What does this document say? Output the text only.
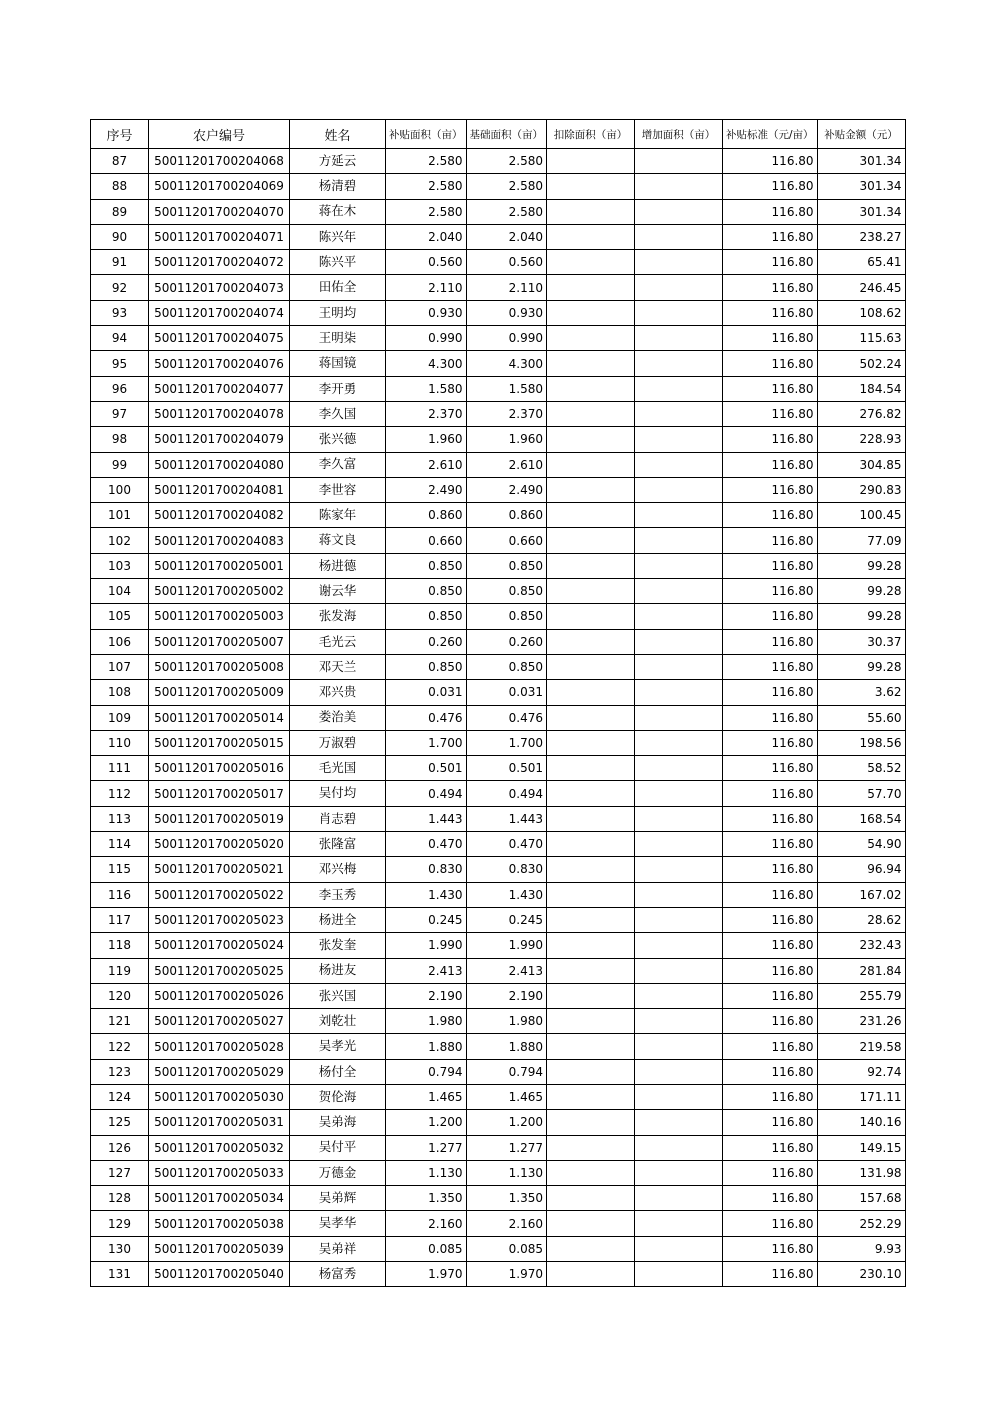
序号	农户编号	姓名	补贴面积（亩）	基础面积（亩）	扣除面积（亩）	增加面积（亩）	补贴标准（元/亩）	补贴金额（元）
87	50011201700204068	方延云	2.580	2.580			116.80	301.34
88	50011201700204069	杨清碧	2.580	2.580			116.80	301.34
89	50011201700204070	蒋在木	2.580	2.580			116.80	301.34
90	50011201700204071	陈兴年	2.040	2.040			116.80	238.27
91	50011201700204072	陈兴平	0.560	0.560			116.80	65.41
92	50011201700204073	田佑全	2.110	2.110			116.80	246.45
93	50011201700204074	王明均	0.930	0.930			116.80	108.62
94	50011201700204075	王明柒	0.990	0.990			116.80	115.63
95	50011201700204076	蒋国镜	4.300	4.300			116.80	502.24
96	50011201700204077	李开勇	1.580	1.580			116.80	184.54
97	50011201700204078	李久国	2.370	2.370			116.80	276.82
98	50011201700204079	张兴德	1.960	1.960			116.80	228.93
99	50011201700204080	李久富	2.610	2.610			116.80	304.85
100	50011201700204081	李世容	2.490	2.490			116.80	290.83
101	50011201700204082	陈家年	0.860	0.860			116.80	100.45
102	50011201700204083	蒋文良	0.660	0.660			116.80	77.09
103	50011201700205001	杨进德	0.850	0.850			116.80	99.28
104	50011201700205002	谢云华	0.850	0.850			116.80	99.28
105	50011201700205003	张发海	0.850	0.850			116.80	99.28
106	50011201700205007	毛光云	0.260	0.260			116.80	30.37
107	50011201700205008	邓天兰	0.850	0.850			116.80	99.28
108	50011201700205009	邓兴贵	0.031	0.031			116.80	3.62
109	50011201700205014	娄治美	0.476	0.476			116.80	55.60
110	50011201700205015	万淑碧	1.700	1.700			116.80	198.56
111	50011201700205016	毛光国	0.501	0.501			116.80	58.52
112	50011201700205017	吴付均	0.494	0.494			116.80	57.70
113	50011201700205019	肖志碧	1.443	1.443			116.80	168.54
114	50011201700205020	张隆富	0.470	0.470			116.80	54.90
115	50011201700205021	邓兴梅	0.830	0.830			116.80	96.94
116	50011201700205022	李玉秀	1.430	1.430			116.80	167.02
117	50011201700205023	杨进全	0.245	0.245			116.80	28.62
118	50011201700205024	张发奎	1.990	1.990			116.80	232.43
119	50011201700205025	杨进友	2.413	2.413			116.80	281.84
120	50011201700205026	张兴国	2.190	2.190			116.80	255.79
121	50011201700205027	刘乾壮	1.980	1.980			116.80	231.26
122	50011201700205028	吴孝光	1.880	1.880			116.80	219.58
123	50011201700205029	杨付全	0.794	0.794			116.80	92.74
124	50011201700205030	贺伦海	1.465	1.465			116.80	171.11
125	50011201700205031	吴弟海	1.200	1.200			116.80	140.16
126	50011201700205032	吴付平	1.277	1.277			116.80	149.15
127	50011201700205033	万德金	1.130	1.130			116.80	131.98
128	50011201700205034	吴弟辉	1.350	1.350			116.80	157.68
129	50011201700205038	吴孝华	2.160	2.160			116.80	252.29
130	50011201700205039	吴弟祥	0.085	0.085			116.80	9.93
131	50011201700205040	杨富秀	1.970	1.970			116.80	230.10
